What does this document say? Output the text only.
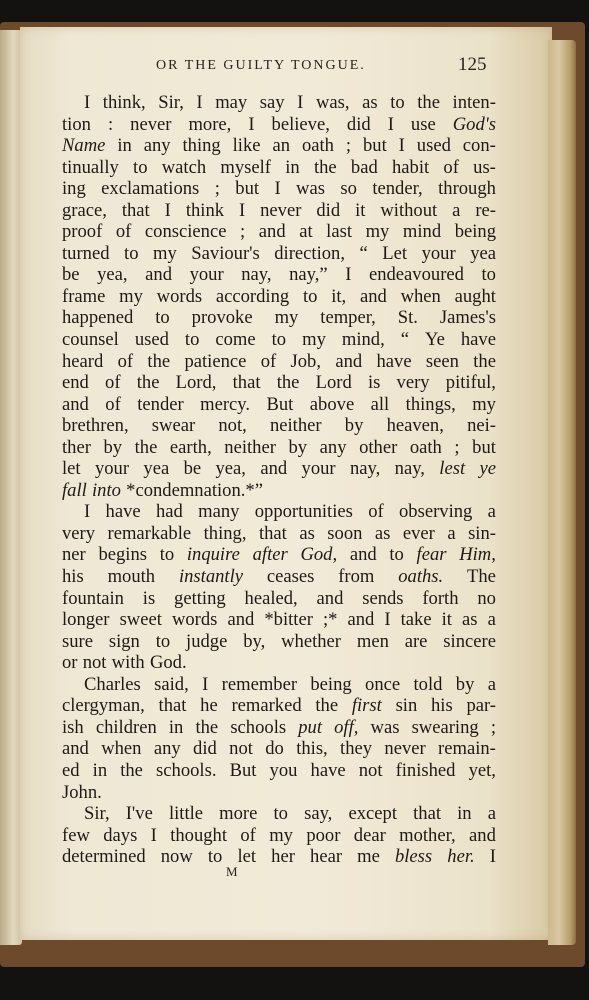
OR THE GUILTY TONGUE.	125
I think, Sir, I may say I was, as to the inten-
tion : never more, I believe, did I use God's
Name in any thing like an oath ; but I used con-
tinually to watch myself in the bad habit of us-
ing exclamations ; but I was so tender, through
grace, that I think I never did it without a re-
proof of conscience ; and at last my mind being
turned to my Saviour's direction, “ Let your yea
be yea, and your nay, nay,” I endeavoured to
frame my words according to it, and when aught
happened to provoke my temper, St. James's
counsel used to come to my mind, “ Ye have
heard of the patience of Job, and have seen the
end of the Lord, that the Lord is very pitiful,
and of tender mercy. But above all things, my
brethren, swear not, neither by heaven, nei-
ther by the earth, neither by any other oath ; but
let your yea be yea, and your nay, nay, lest ye
fall into *condemnation.*”
I have had many opportunities of observing a
very remarkable thing, that as soon as ever a sin-
ner begins to inquire after God, and to fear Him,
his mouth instantly ceases from oaths. The
fountain is getting healed, and sends forth no
longer sweet words and *bitter ;* and I take it as a
sure sign to judge by, whether men are sincere
or not with God.
Charles said, I remember being once told by a
clergyman, that he remarked the first sin his par-
ish children in the schools put off, was swearing ;
and when any did not do this, they never remain-
ed in the schools. But you have not finished yet,
John.
Sir, I've little more to say, except that in a
few days I thought of my poor dear mother, and
determined now to let her hear me bless her. I
M
